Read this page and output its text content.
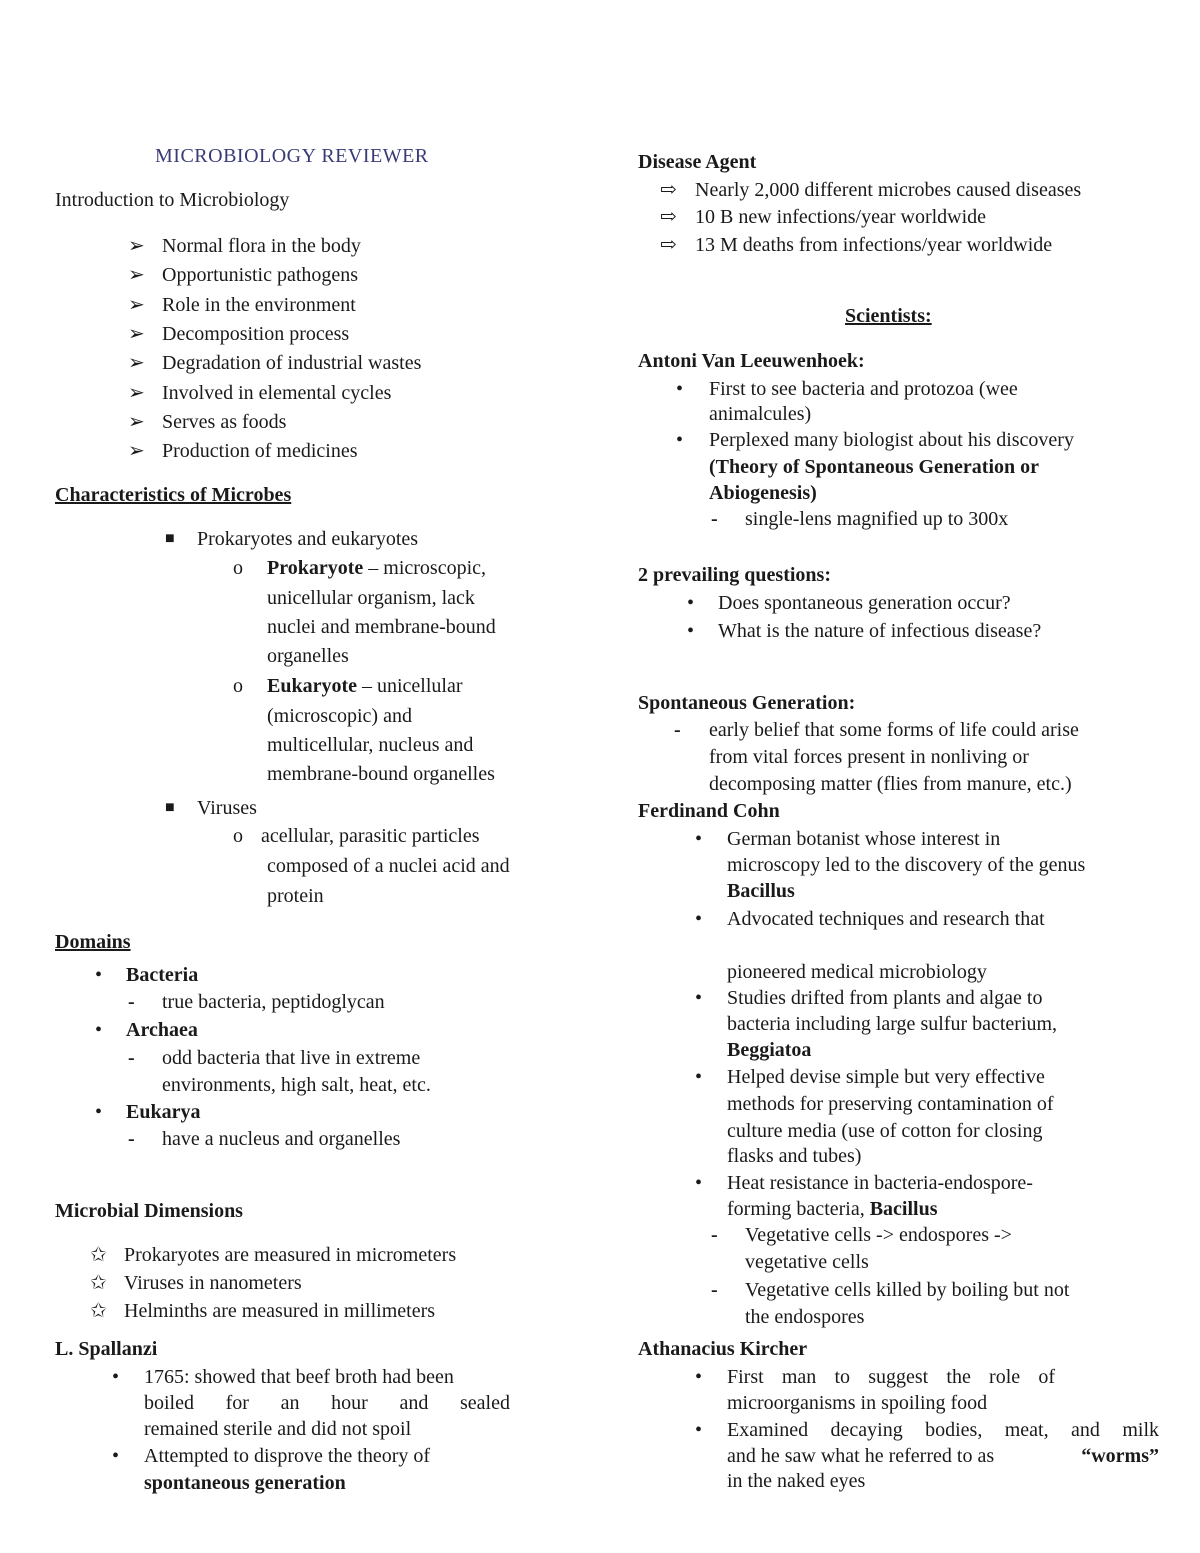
MICROBIOLOGY REVIEWER
Introduction to Microbiology
➢ Normal flora in the body
➢ Opportunistic pathogens
➢ Role in the environment
➢ Decomposition process
➢ Degradation of industrial wastes
➢ Involved in elemental cycles
➢ Serves as foods
➢ Production of medicines
Characteristics of Microbes
■ Prokaryotes and eukaryotes
o Prokaryote – microscopic,
unicellular organism, lack
nuclei and membrane-bound
organelles
o Eukaryote – unicellular
(microscopic) and
multicellular, nucleus and
membrane-bound organelles
■ Viruses
o acellular, parasitic particles
composed of a nuclei acid and
protein
Domains
• Bacteria
- true bacteria, peptidoglycan
• Archaea
- odd bacteria that live in extreme
environments, high salt, heat, etc.
• Eukarya
- have a nucleus and organelles
Microbial Dimensions
✩ Prokaryotes are measured in micrometers
✩ Viruses in nanometers
✩ Helminths are measured in millimeters
L. Spallanzi
• 1765: showed that beef broth had been
boiled for an hour and sealed
remained sterile and did not spoil
• Attempted to disprove the theory of
spontaneous generation
Disease Agent
⇨ Nearly 2,000 different microbes caused diseases
⇨ 10 B new infections/year worldwide
⇨ 13 M deaths from infections/year worldwide
Scientists:
Antoni Van Leeuwenhoek:
• First to see bacteria and protozoa (wee
animalcules)
• Perplexed many biologist about his discovery
(Theory of Spontaneous Generation or
Abiogenesis)
- single-lens magnified up to 300x
2 prevailing questions:
• Does spontaneous generation occur?
• What is the nature of infectious disease?
Spontaneous Generation:
- early belief that some forms of life could arise
from vital forces present in nonliving or
decomposing matter (flies from manure, etc.)
Ferdinand Cohn
• German botanist whose interest in
microscopy led to the discovery of the genus
Bacillus
• Advocated techniques and research that
pioneered medical microbiology
• Studies drifted from plants and algae to
bacteria including large sulfur bacterium,
Beggiatoa
• Helped devise simple but very effective
methods for preserving contamination of
culture media (use of cotton for closing
flasks and tubes)
• Heat resistance in bacteria-endospore-
forming bacteria, Bacillus
- Vegetative cells -> endospores ->
vegetative cells
- Vegetative cells killed by boiling but not
the endospores
Athanacius Kircher
• First man to suggest the role of
microorganisms in spoiling food
• Examined decaying bodies, meat, and milk
and he saw what he referred to as	“worms”
in the naked eyes
